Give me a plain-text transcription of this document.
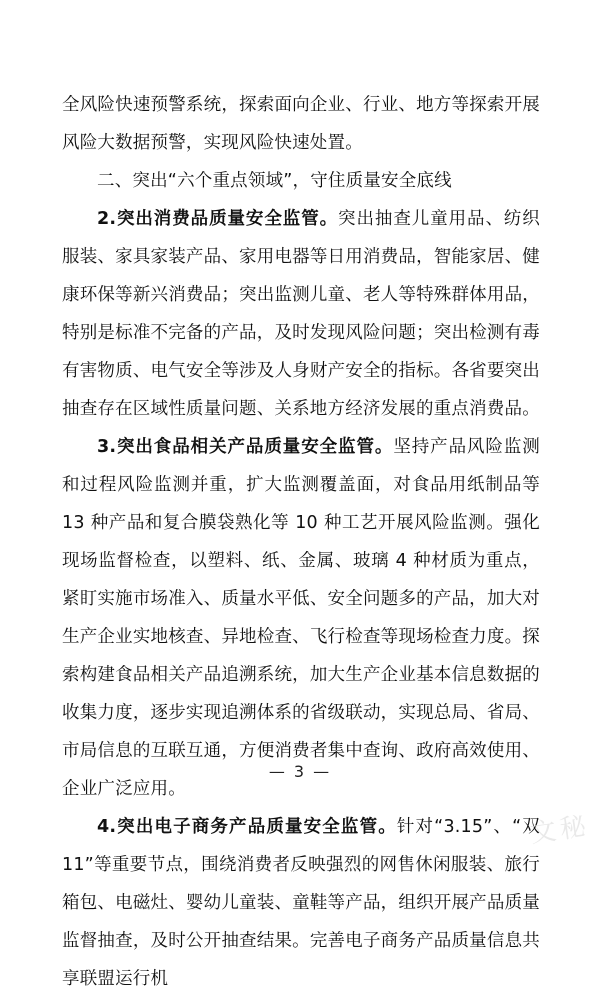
全风险快速预警系统，探索面向企业、行业、地方等探索开展风险大数据预警，实现风险快速处置。

二、突出“六个重点领域”，守住质量安全底线

2.突出消费品质量安全监管。突出抽查儿童用品、纺织服装、家具家装产品、家用电器等日用消费品，智能家居、健康环保等新兴消费品；突出监测儿童、老人等特殊群体用品，特别是标准不完备的产品，及时发现风险问题；突出检测有毒有害物质、电气安全等涉及人身财产安全的指标。各省要突出抽查存在区域性质量问题、关系地方经济发展的重点消费品。

3.突出食品相关产品质量安全监管。坚持产品风险监测和过程风险监测并重，扩大监测覆盖面，对食品用纸制品等 13 种产品和复合膜袋熟化等 10 种工艺开展风险监测。强化现场监督检查，以塑料、纸、金属、玻璃 4 种材质为重点，紧盯实施市场准入、质量水平低、安全问题多的产品，加大对生产企业实地核查、异地检查、飞行检查等现场检查力度。探索构建食品相关产品追溯系统，加大生产企业基本信息数据的收集力度，逐步实现追溯体系的省级联动，实现总局、省局、市局信息的互联互通，方便消费者集中查询、政府高效使用、企业广泛应用。

4.突出电子商务产品质量安全监管。针对“3.15”、“双 11”等重要节点，围绕消费者反映强烈的网售休闲服装、旅行箱包、电磁灶、婴幼儿童装、童鞋等产品，组织开展产品质量监督抽查，及时公开抽查结果。完善电子商务产品质量信息共享联盟运行机

— 3 —
文秘
